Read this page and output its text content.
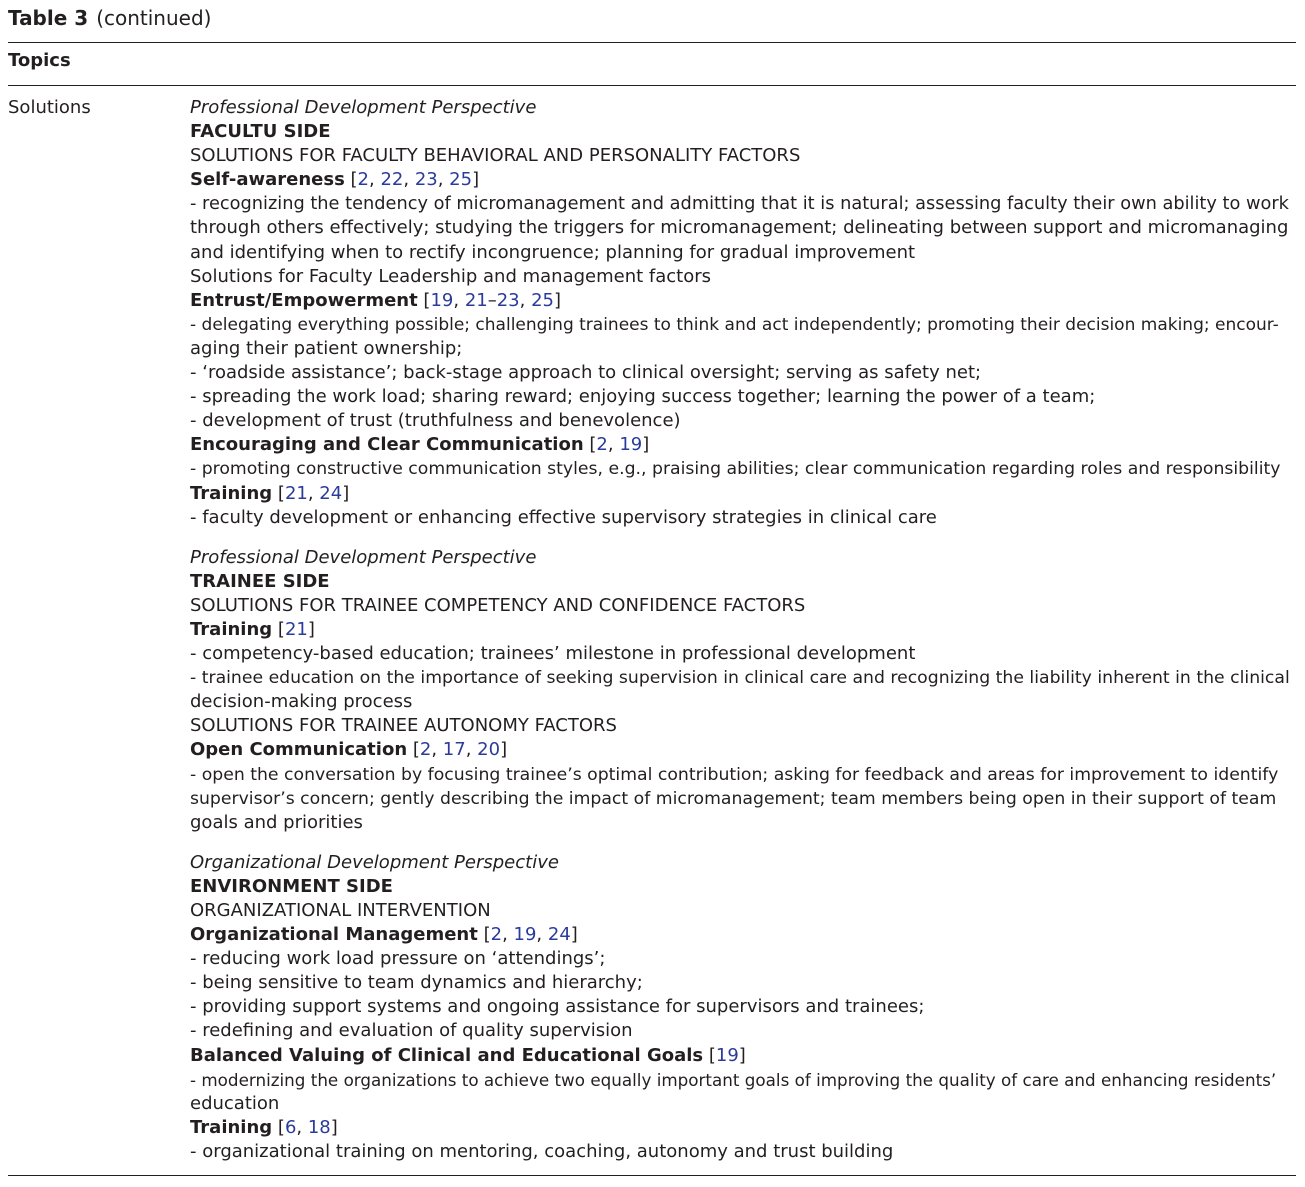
Table 3 (continued)
Topics
Solutions	Professional Development Perspective
FACULTU SIDE
SOLUTIONS FOR FACULTY BEHAVIORAL AND PERSONALITY FACTORS
Self-awareness [2, 22, 23, 25]
- recognizing the tendency of micromanagement and admitting that it is natural; assessing faculty their own ability to work
through others effectively; studying the triggers for micromanagement; delineating between support and micromanaging
and identifying when to rectify incongruence; planning for gradual improvement
Solutions for Faculty Leadership and management factors
Entrust/Empowerment [19, 21–23, 25]
- delegating everything possible; challenging trainees to think and act independently; promoting their decision making; encour-
aging their patient ownership;
- ‘roadside assistance’; back-stage approach to clinical oversight; serving as safety net;
- spreading the work load; sharing reward; enjoying success together; learning the power of a team;
- development of trust (truthfulness and benevolence)
Encouraging and Clear Communication [2, 19]
- promoting constructive communication styles, e.g., praising abilities; clear communication regarding roles and responsibility
Training [21, 24]
- faculty development or enhancing effective supervisory strategies in clinical care
Professional Development Perspective
TRAINEE SIDE
SOLUTIONS FOR TRAINEE COMPETENCY AND CONFIDENCE FACTORS
Training [21]
- competency-based education; trainees’ milestone in professional development
- trainee education on the importance of seeking supervision in clinical care and recognizing the liability inherent in the clinical
decision-making process
SOLUTIONS FOR TRAINEE AUTONOMY FACTORS
Open Communication [2, 17, 20]
- open the conversation by focusing trainee’s optimal contribution; asking for feedback and areas for improvement to identify
supervisor’s concern; gently describing the impact of micromanagement; team members being open in their support of team
goals and priorities
Organizational Development Perspective
ENVIRONMENT SIDE
ORGANIZATIONAL INTERVENTION
Organizational Management [2, 19, 24]
- reducing work load pressure on ‘attendings’;
- being sensitive to team dynamics and hierarchy;
- providing support systems and ongoing assistance for supervisors and trainees;
- redefining and evaluation of quality supervision
Balanced Valuing of Clinical and Educational Goals [19]
- modernizing the organizations to achieve two equally important goals of improving the quality of care and enhancing residents’
education
Training [6, 18]
- organizational training on mentoring, coaching, autonomy and trust building
